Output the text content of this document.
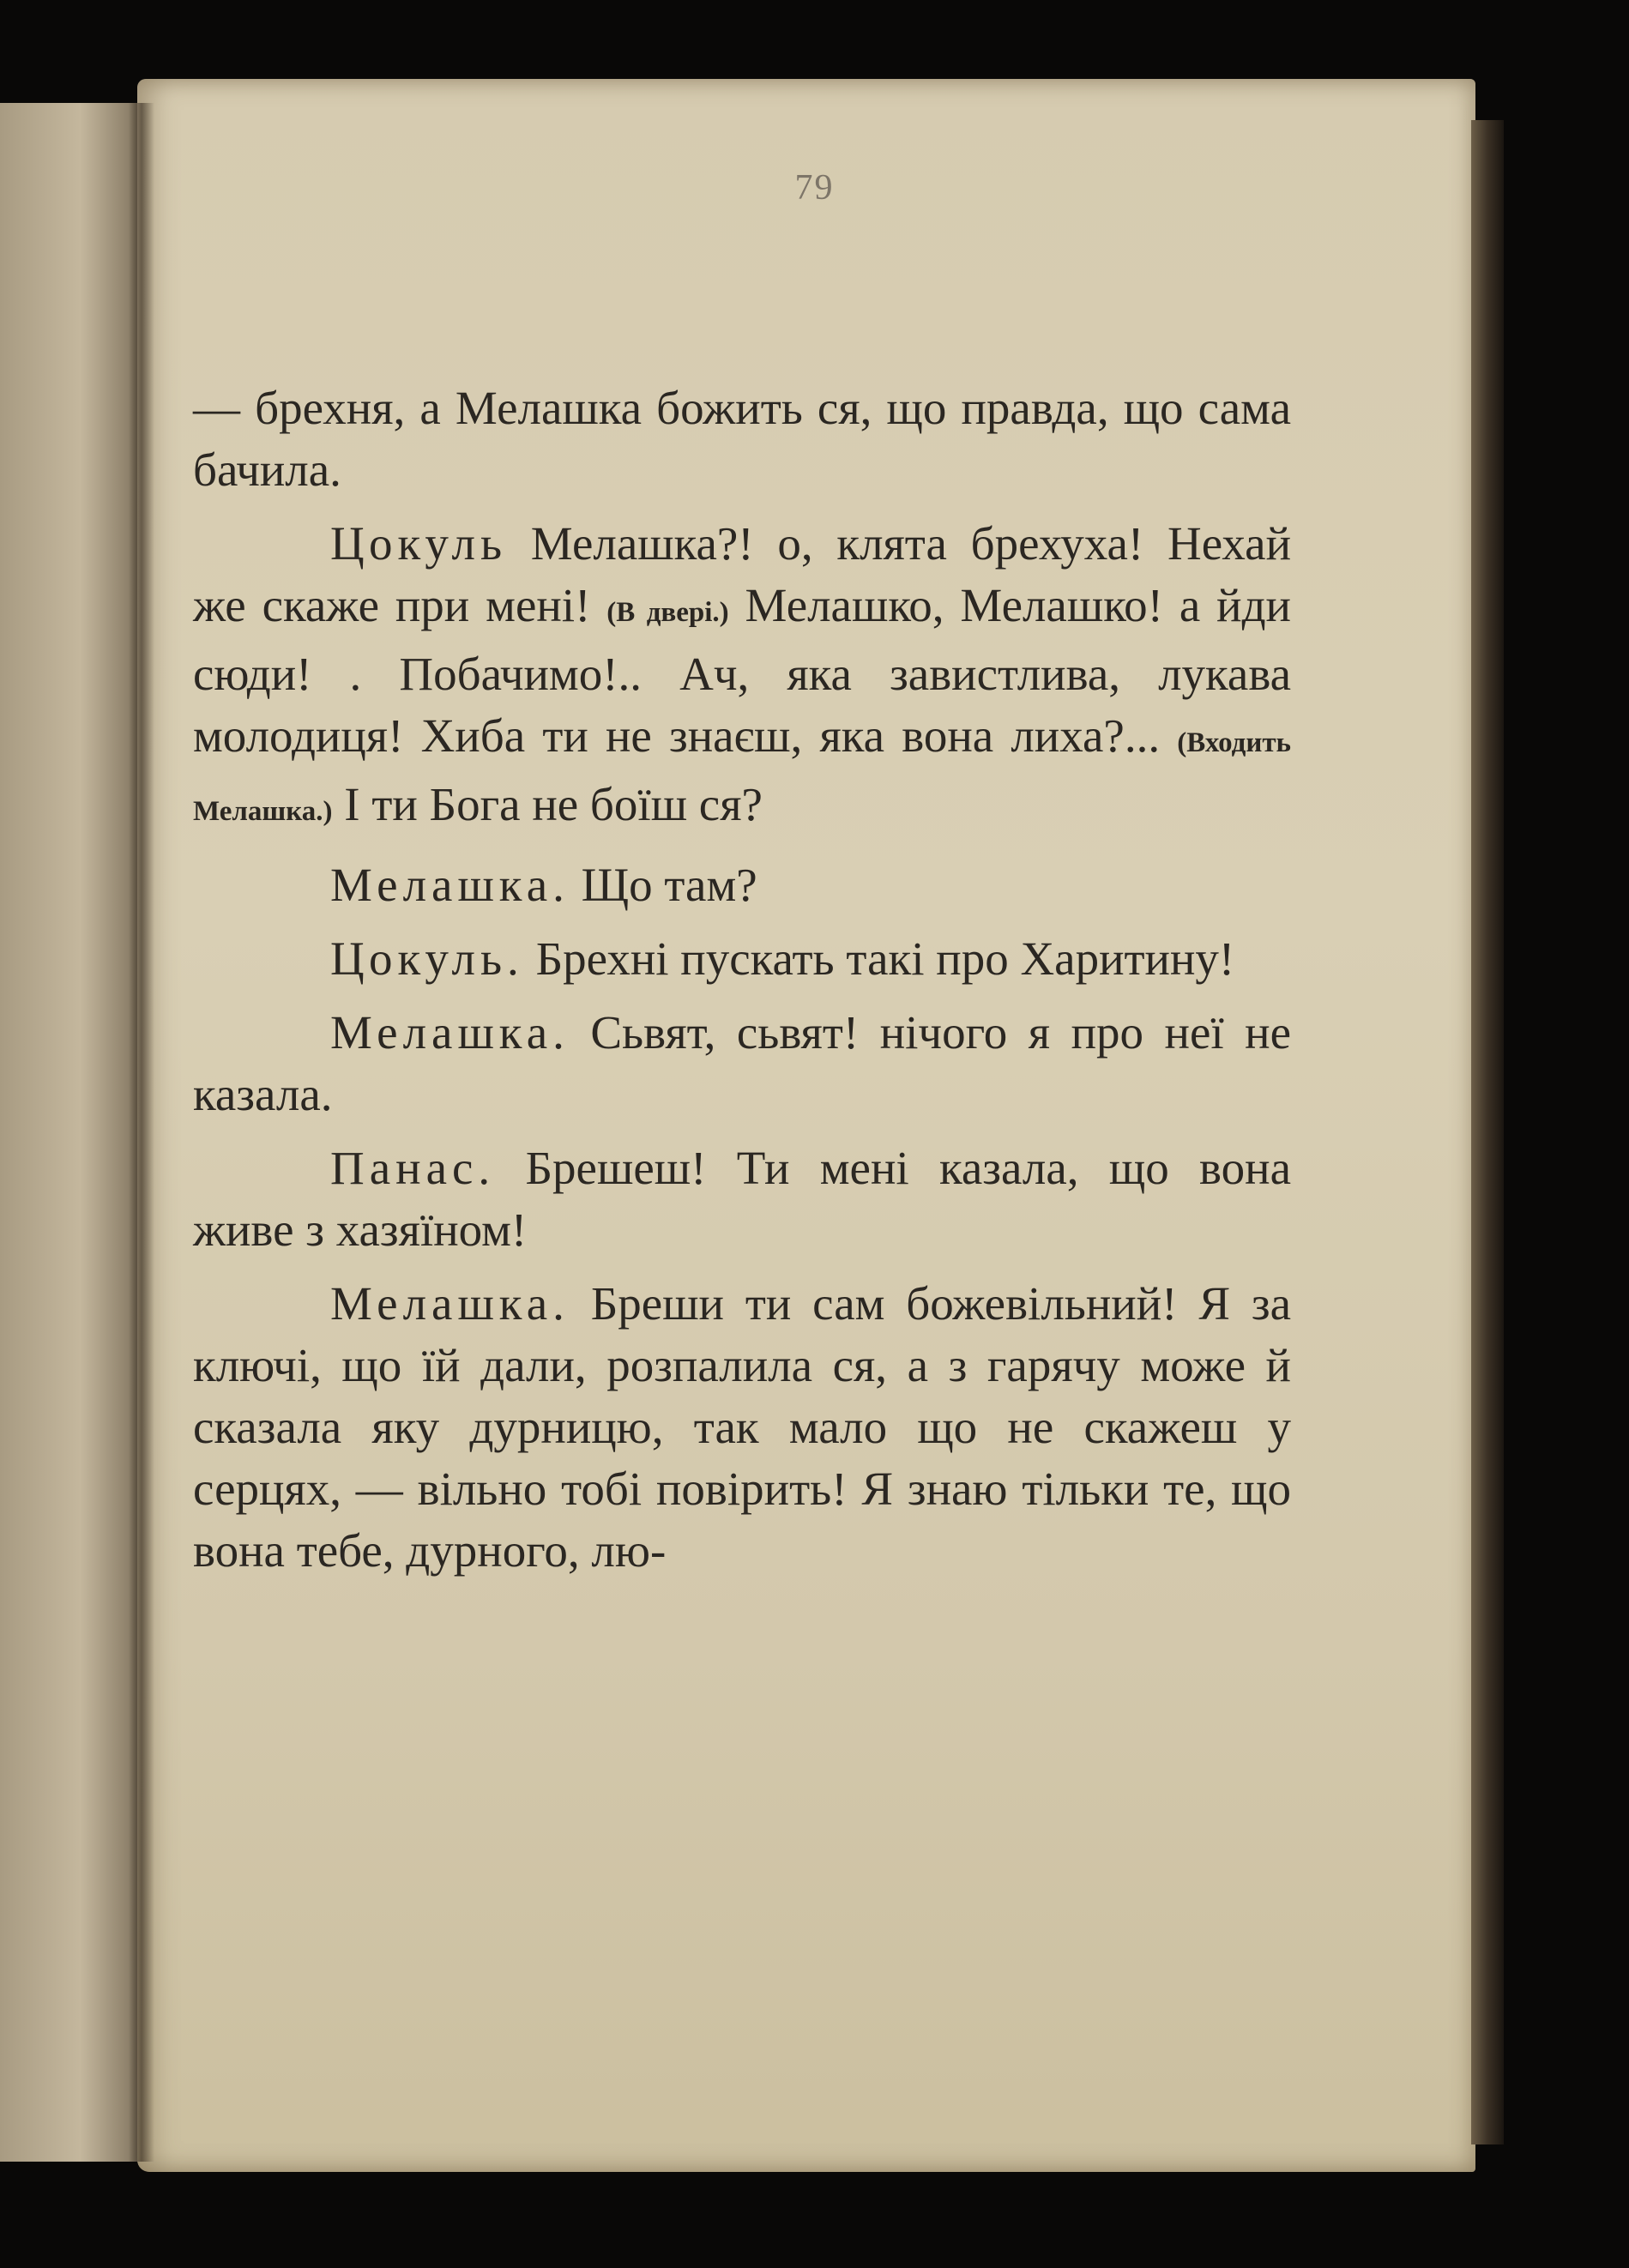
79

— брехня, а Мелашка божить ся, що правда, що сама бачила.

Цокуль Мелашка?! о, клята брехуха! Нехай же скаже при мені! (В двері.) Мелашко, Мелашко! а йди сюди! . Побачимо!.. Ач, яка завистлива, лукава молодиця! Хиба ти не знаєш, яка вона лиха?... (Входить Мелашка.) І ти Бога не боїш ся?

Мелашка. Що там?

Цокуль. Брехні пускать такі про Харитину!

Мелашка. Сьвят, сьвят! нічого я про неї не казала.

Панас. Брешеш! Ти мені казала, що вона живе з хазяїном!

Мелашка. Бреши ти сам божевільний! Я за ключі, що їй дали, розпалила ся, а з гарячу може й сказала яку дурницю, так мало що не скажеш у серцях, — вільно тобі повірить! Я знаю тільки те, що вона тебе, дурного, лю-
